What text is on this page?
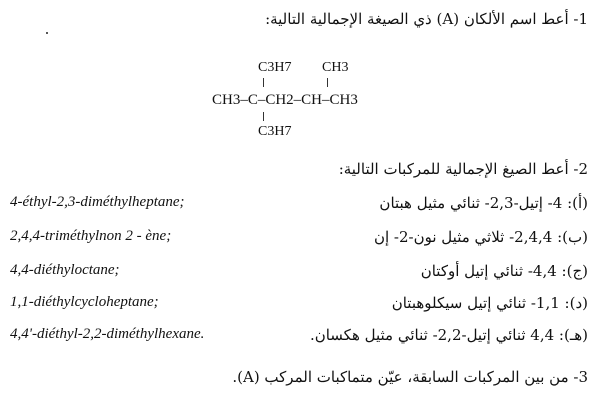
1- أعط اسم الألكان (A) ذي الصيغة الإجمالية التالية:
C3H7 CH3
CH3–C–CH2–CH–CH3
C3H7
2- أعط الصيغ الإجمالية للمركبات التالية:
4-éthyl-2,3-diméthylheptane;	(أ): 4- إتيل-2,3- ثنائي مثيل هبتان
2,4,4-triméthylnon 2 - ène;	(ب): 2,4,4- ثلاثي مثيل نون-2- إن
4,4-diéthyloctane;	(ج): 4,4- ثنائي إتيل أوكتان
1,1-diéthylcycloheptane;	(د): 1,1- ثنائي إتيل سيكلوهبتان
4,4'-diéthyl-2,2-diméthylhexane.	(هـ): 4,4 ثنائي إتيل-2,2- ثنائي مثيل هكسان.
3- من بين المركبات السابقة، عيّن متماكبات المركب (A).
